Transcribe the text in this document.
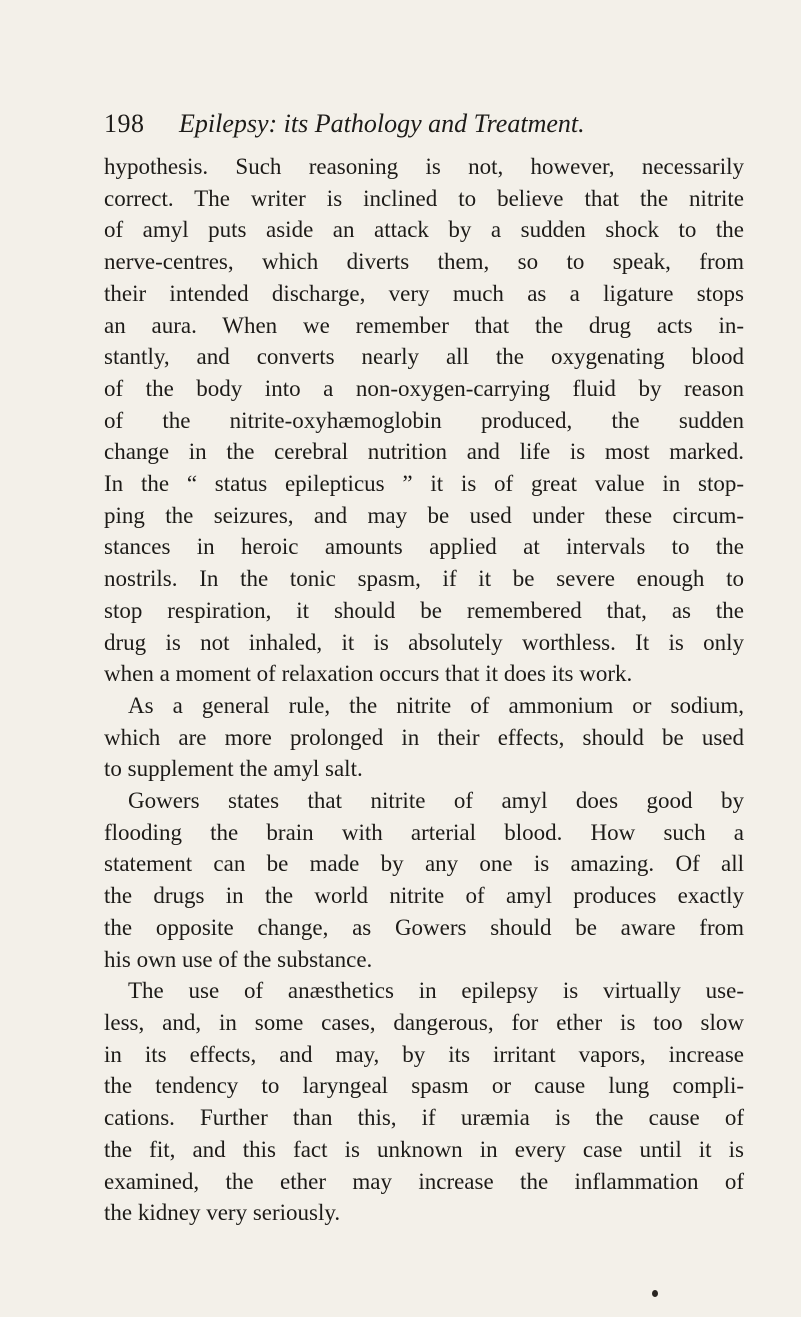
198 Epilepsy: its Pathology and Treatment.
hypothesis. Such reasoning is not, however, necessarily
correct. The writer is inclined to believe that the nitrite
of amyl puts aside an attack by a sudden shock to the
nerve-centres, which diverts them, so to speak, from
their intended discharge, very much as a ligature stops
an aura. When we remember that the drug acts in-
stantly, and converts nearly all the oxygenating blood
of the body into a non-oxygen-carrying fluid by reason
of the nitrite-oxyhæmoglobin produced, the sudden
change in the cerebral nutrition and life is most marked.
In the “ status epilepticus ” it is of great value in stop-
ping the seizures, and may be used under these circum-
stances in heroic amounts applied at intervals to the
nostrils. In the tonic spasm, if it be severe enough to
stop respiration, it should be remembered that, as the
drug is not inhaled, it is absolutely worthless. It is only
when a moment of relaxation occurs that it does its work.
As a general rule, the nitrite of ammonium or sodium,
which are more prolonged in their effects, should be used
to supplement the amyl salt.
Gowers states that nitrite of amyl does good by
flooding the brain with arterial blood. How such a
statement can be made by any one is amazing. Of all
the drugs in the world nitrite of amyl produces exactly
the opposite change, as Gowers should be aware from
his own use of the substance.
The use of anæsthetics in epilepsy is virtually use-
less, and, in some cases, dangerous, for ether is too slow
in its effects, and may, by its irritant vapors, increase
the tendency to laryngeal spasm or cause lung compli-
cations. Further than this, if uræmia is the cause of
the fit, and this fact is unknown in every case until it is
examined, the ether may increase the inflammation of
the kidney very seriously.
